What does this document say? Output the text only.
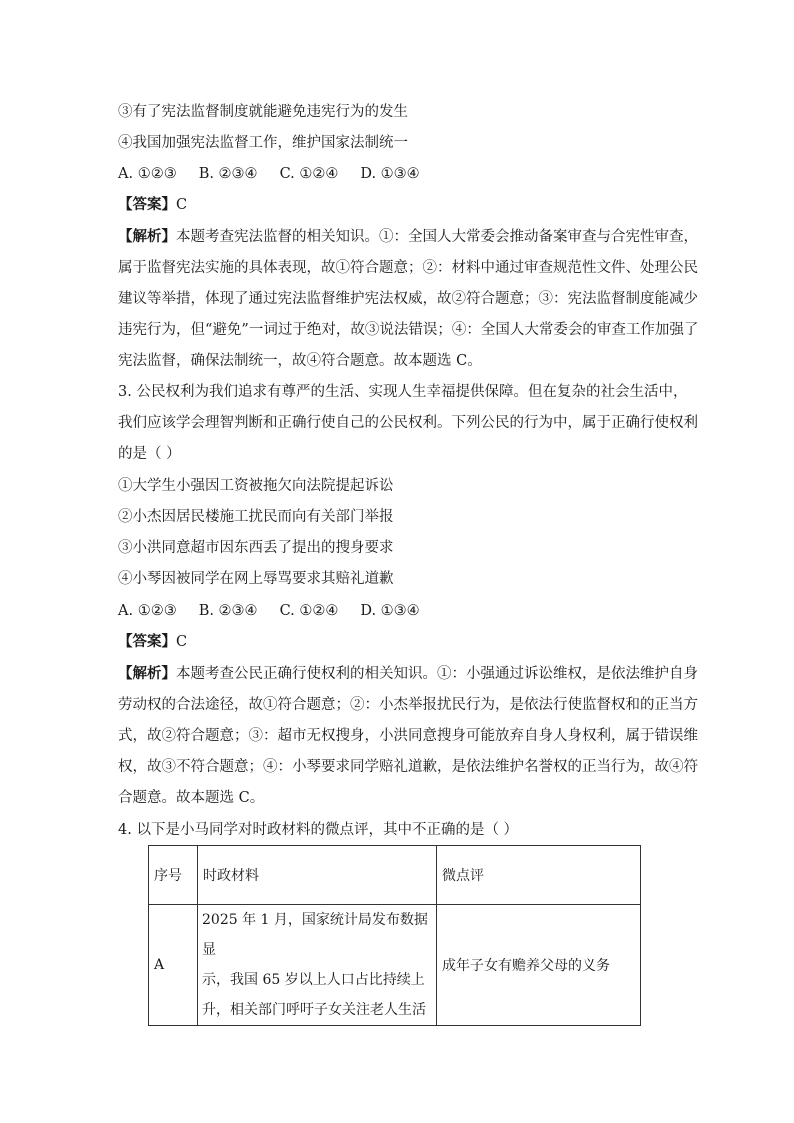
③有了宪法监督制度就能避免违宪行为的发生
④我国加强宪法监督工作，维护国家法制统一
A. ①②③ B. ②③④ C. ①②④ D. ①③④
【答案】C

【解析】本题考查宪法监督的相关知识。①：全国人大常委会推动备案审查与合宪性审查，

属于监督宪法实施的具体表现，故①符合题意；②：材料中通过审查规范性文件、处理公民

建议等举措，体现了通过宪法监督维护宪法权威，故②符合题意；③：宪法监督制度能减少

违宪行为，但“避免”一词过于绝对，故③说法错误；④：全国人大常委会的审查工作加强了

宪法监督，确保法制统一，故④符合题意。故本题选 C。

3. 公民权利为我们追求有尊严的生活、实现人生幸福提供保障。但在复杂的社会生活中，

我们应该学会理智判断和正确行使自己的公民权利。下列公民的行为中，属于正确行使权利

的是（ ）

①大学生小强因工资被拖欠向法院提起诉讼
②小杰因居民楼施工扰民而向有关部门举报
③小洪同意超市因东西丢了提出的搜身要求
④小琴因被同学在网上辱骂要求其赔礼道歉
A. ①②③ B. ②③④ C. ①②④ D. ①③④
【答案】C

【解析】本题考查公民正确行使权利的相关知识。①：小强通过诉讼维权，是依法维护自身

劳动权的合法途径，故①符合题意；②：小杰举报扰民行为，是依法行使监督权和的正当方

式，故②符合题意；③：超市无权搜身，小洪同意搜身可能放弃自身人身权利，属于错误维

权，故③不符合题意；④：小琴要求同学赔礼道歉，是依法维护名誉权的正当行为，故④符

合题意。故本题选 C。

4. 以下是小马同学对时政材料的微点评，其中不正确的是（ ）
序号	时政材料	微点评
A	2025 年 1 月，国家统计局发布数据显
示，我国 65 岁以上人口占比持续上
升，相关部门呼吁子女关注老人生活	成年子女有赡养父母的义务
